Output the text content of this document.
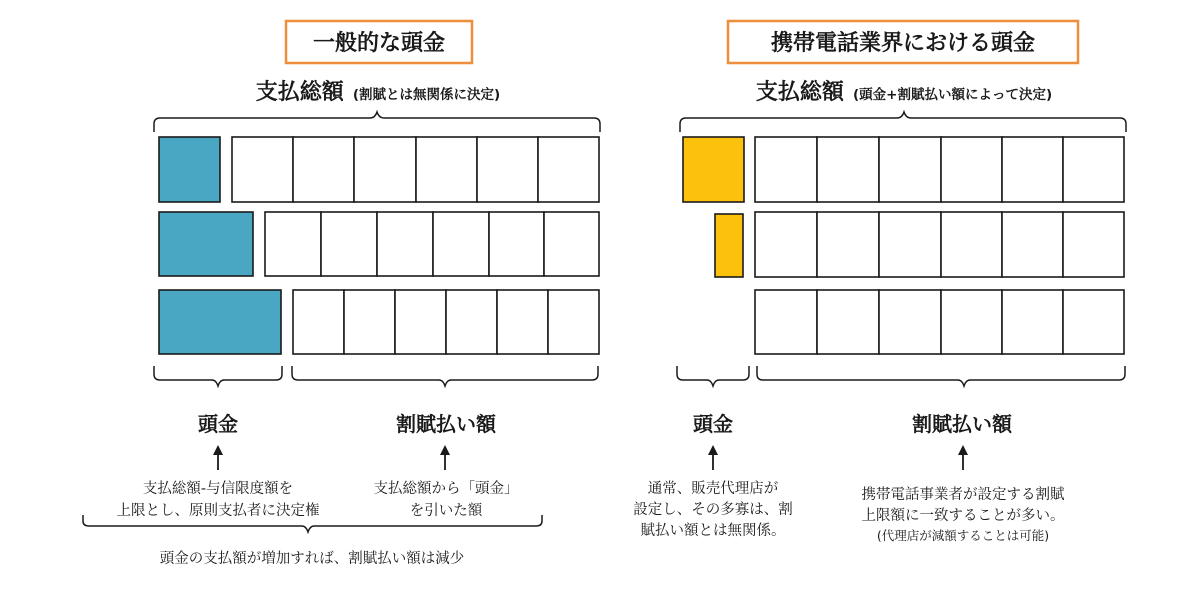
一般的な頭金
支払総額 (割賦とは無関係に決定)
頭金	割賦払い額
支払総額-与信限度額を
上限とし、原則支払者に決定権
支払総額から「頭金」
を引いた額
頭金の支払額が増加すれば、割賦払い額は減少
携帯電話業界における頭金
支払総額 (頭金+割賦払い額によって決定)
頭金	割賦払い額
通常、販売代理店が
設定し、その多寡は、割
賦払い額とは無関係。
携帯電話事業者が設定する割賦
上限額に一致することが多い。
(代理店が減額することは可能)
